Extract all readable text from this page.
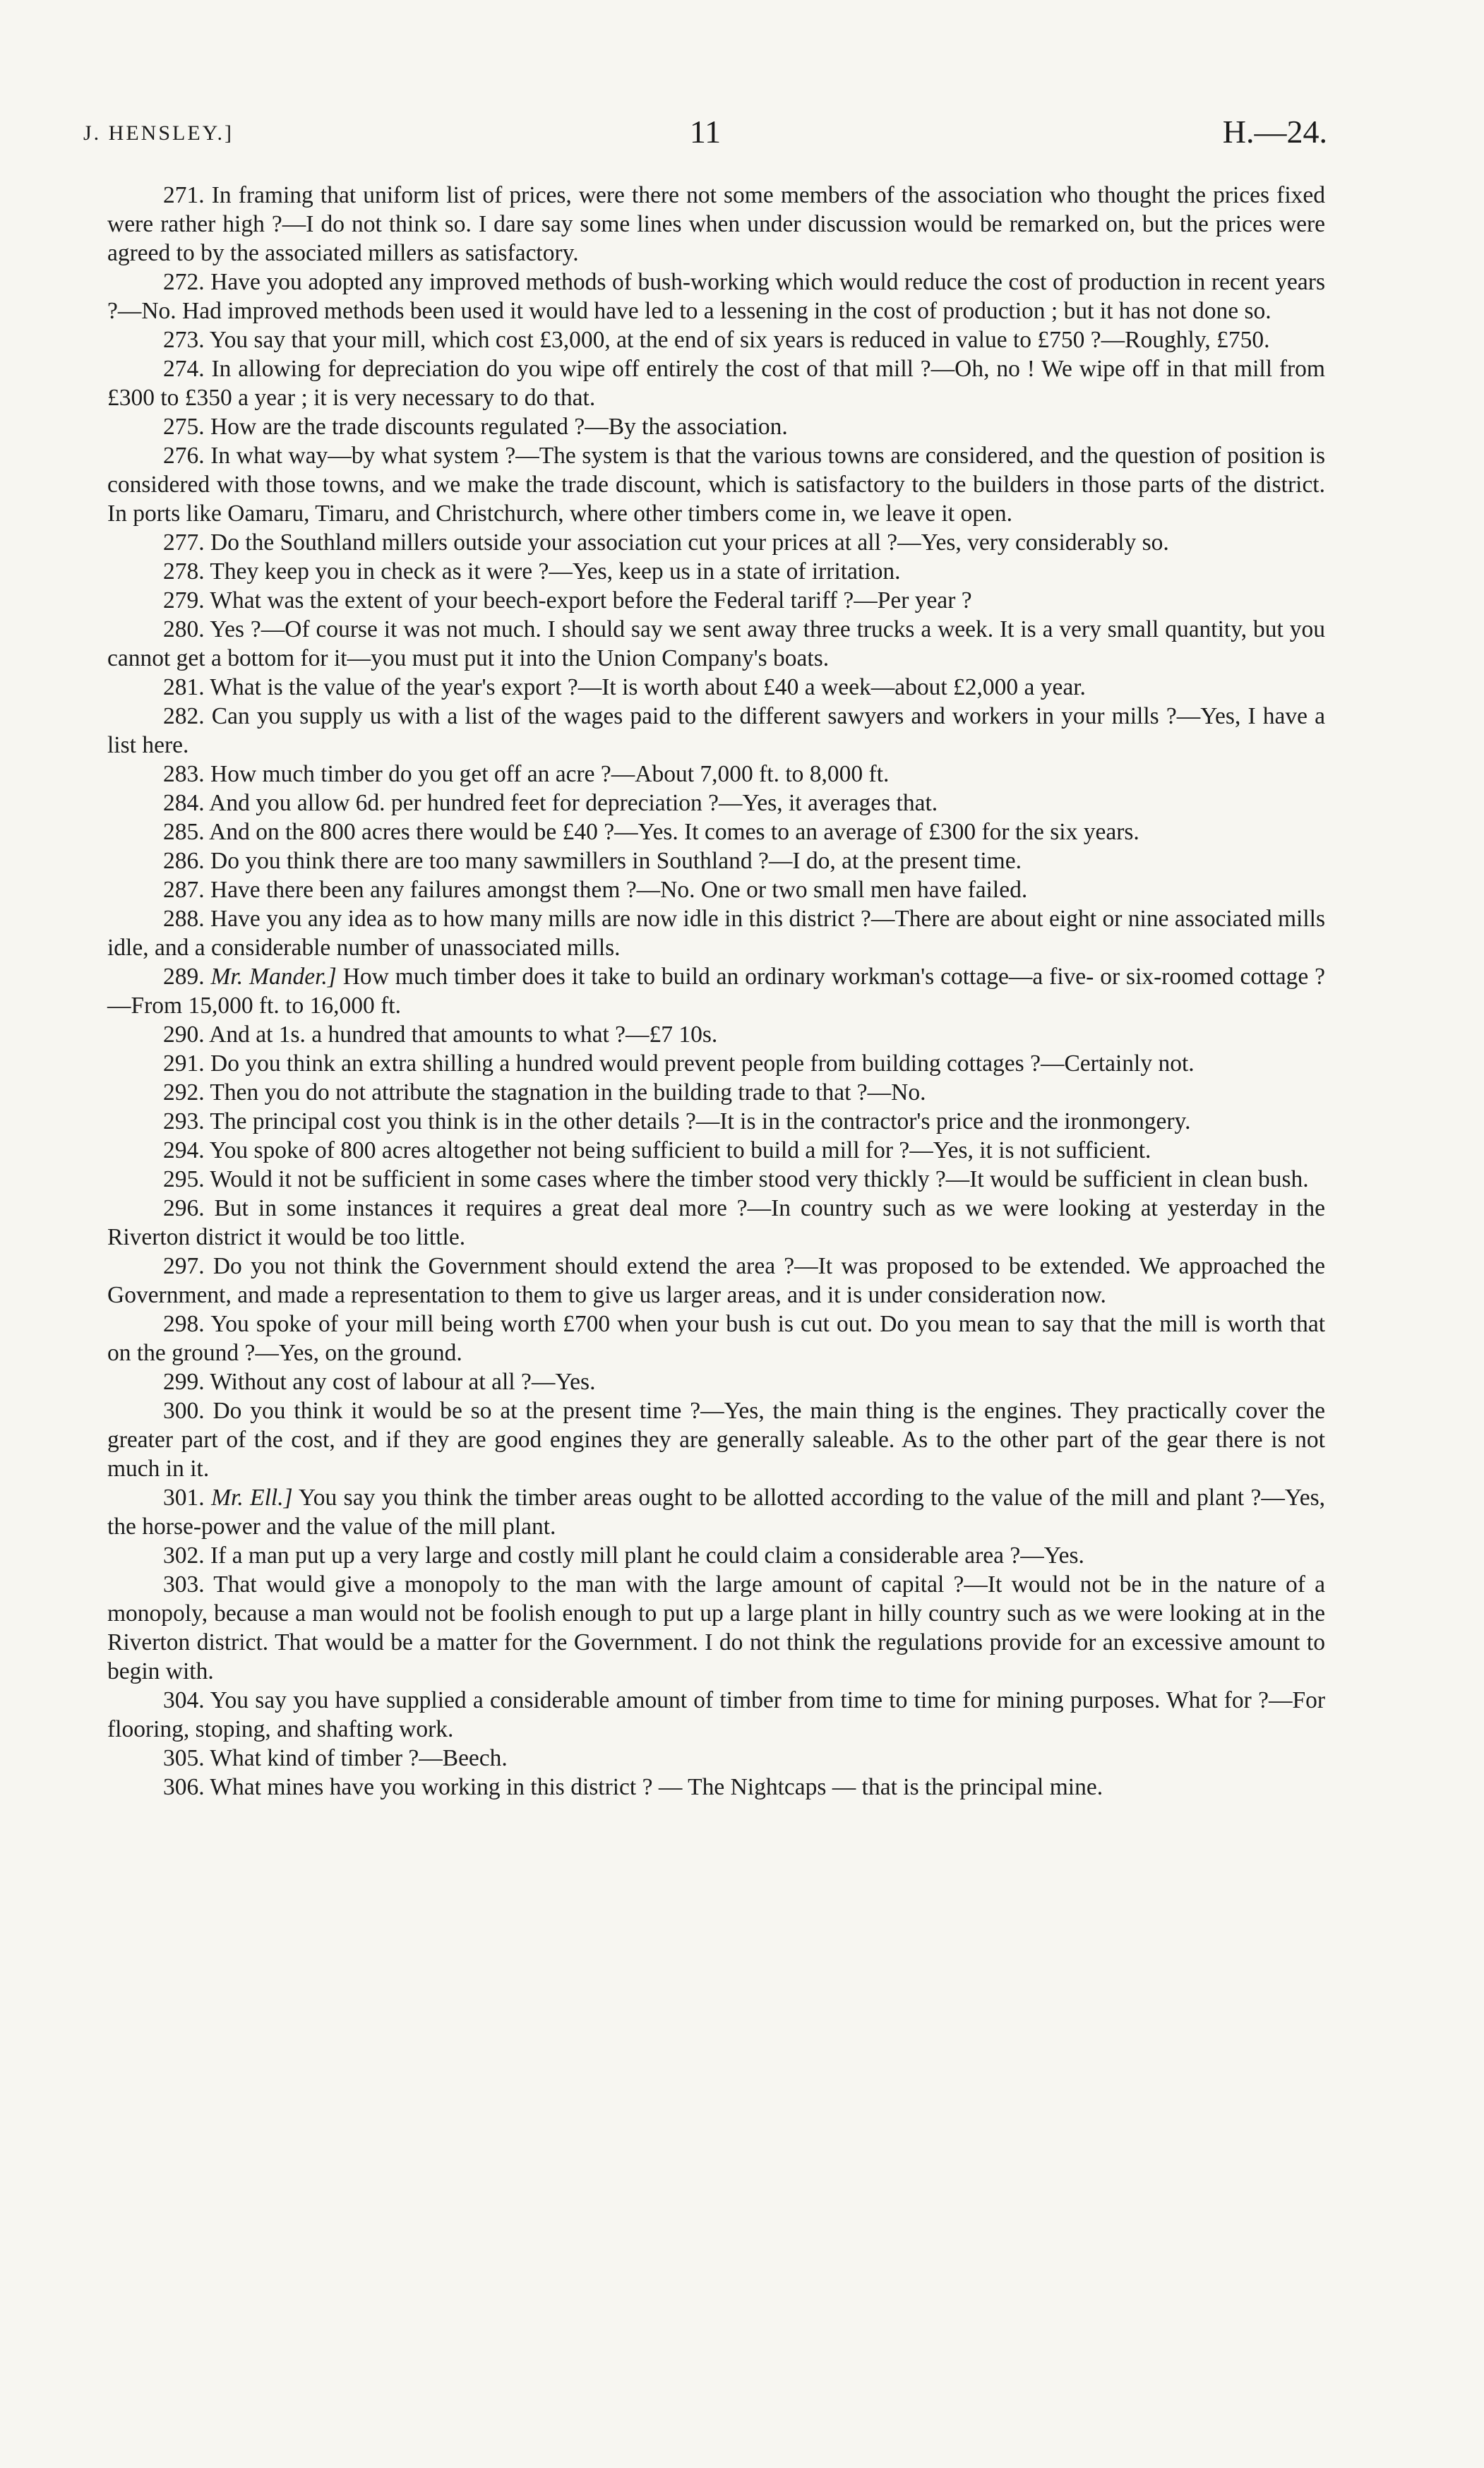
J. HENSLEY.]	11	H.—24.

271. In framing that uniform list of prices, were there not some members of the association who thought the prices fixed were rather high ?—I do not think so. I dare say some lines when under discussion would be remarked on, but the prices were agreed to by the associated millers as satisfactory.

272. Have you adopted any improved methods of bush-working which would reduce the cost of production in recent years ?—No. Had improved methods been used it would have led to a lessening in the cost of production ; but it has not done so.

273. You say that your mill, which cost £3,000, at the end of six years is reduced in value to £750 ?—Roughly, £750.

274. In allowing for depreciation do you wipe off entirely the cost of that mill ?—Oh, no ! We wipe off in that mill from £300 to £350 a year ; it is very necessary to do that.

275. How are the trade discounts regulated ?—By the association.

276. In what way—by what system ?—The system is that the various towns are considered, and the question of position is considered with those towns, and we make the trade discount, which is satisfactory to the builders in those parts of the district. In ports like Oamaru, Timaru, and Christchurch, where other timbers come in, we leave it open.

277. Do the Southland millers outside your association cut your prices at all ?—Yes, very considerably so.

278. They keep you in check as it were ?—Yes, keep us in a state of irritation.

279. What was the extent of your beech-export before the Federal tariff ?—Per year ?

280. Yes ?—Of course it was not much. I should say we sent away three trucks a week. It is a very small quantity, but you cannot get a bottom for it—you must put it into the Union Company's boats.

281. What is the value of the year's export ?—It is worth about £40 a week—about £2,000 a year.

282. Can you supply us with a list of the wages paid to the different sawyers and workers in your mills ?—Yes, I have a list here.

283. How much timber do you get off an acre ?—About 7,000 ft. to 8,000 ft.

284. And you allow 6d. per hundred feet for depreciation ?—Yes, it averages that.

285. And on the 800 acres there would be £40 ?—Yes. It comes to an average of £300 for the six years.

286. Do you think there are too many sawmillers in Southland ?—I do, at the present time.

287. Have there been any failures amongst them ?—No. One or two small men have failed.

288. Have you any idea as to how many mills are now idle in this district ?—There are about eight or nine associated mills idle, and a considerable number of unassociated mills.

289. Mr. Mander.] How much timber does it take to build an ordinary workman's cottage—a five- or six-roomed cottage ?—From 15,000 ft. to 16,000 ft.

290. And at 1s. a hundred that amounts to what ?—£7 10s.

291. Do you think an extra shilling a hundred would prevent people from building cottages ?—Certainly not.

292. Then you do not attribute the stagnation in the building trade to that ?—No.

293. The principal cost you think is in the other details ?—It is in the contractor's price and the ironmongery.

294. You spoke of 800 acres altogether not being sufficient to build a mill for ?—Yes, it is not sufficient.

295. Would it not be sufficient in some cases where the timber stood very thickly ?—It would be sufficient in clean bush.

296. But in some instances it requires a great deal more ?—In country such as we were looking at yesterday in the Riverton district it would be too little.

297. Do you not think the Government should extend the area ?—It was proposed to be extended. We approached the Government, and made a representation to them to give us larger areas, and it is under consideration now.

298. You spoke of your mill being worth £700 when your bush is cut out. Do you mean to say that the mill is worth that on the ground ?—Yes, on the ground.

299. Without any cost of labour at all ?—Yes.

300. Do you think it would be so at the present time ?—Yes, the main thing is the engines. They practically cover the greater part of the cost, and if they are good engines they are generally saleable. As to the other part of the gear there is not much in it.

301. Mr. Ell.] You say you think the timber areas ought to be allotted according to the value of the mill and plant ?—Yes, the horse-power and the value of the mill plant.

302. If a man put up a very large and costly mill plant he could claim a considerable area ?—Yes.

303. That would give a monopoly to the man with the large amount of capital ?—It would not be in the nature of a monopoly, because a man would not be foolish enough to put up a large plant in hilly country such as we were looking at in the Riverton district. That would be a matter for the Government. I do not think the regulations provide for an excessive amount to begin with.

304. You say you have supplied a considerable amount of timber from time to time for mining purposes. What for ?—For flooring, stoping, and shafting work.

305. What kind of timber ?—Beech.

306. What mines have you working in this district ? — The Nightcaps — that is the principal mine.
